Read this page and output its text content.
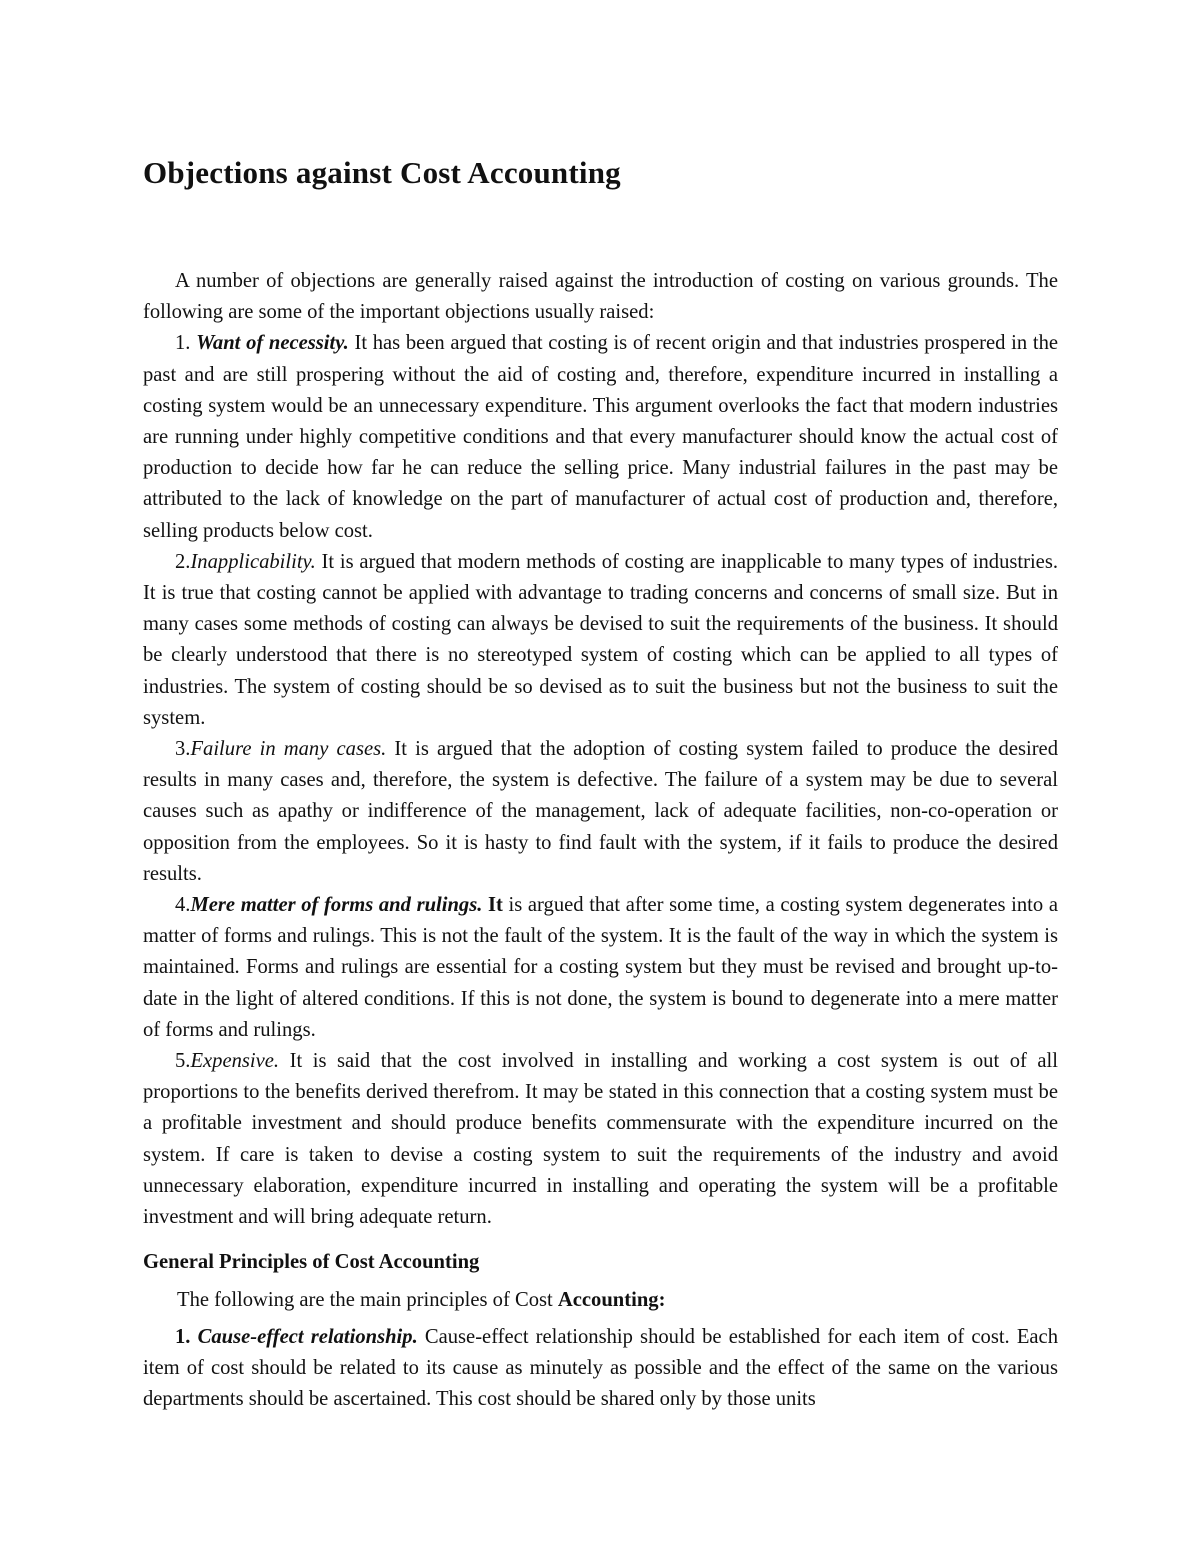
Objections against Cost Accounting

A number of objections are generally raised against the introduction of costing on various grounds. The following are some of the important objections usually raised:

1. Want of necessity. It has been argued that costing is of recent origin and that industries prospered in the past and are still prospering without the aid of costing and, therefore, expenditure incurred in installing a costing system would be an unnecessary expenditure. This argument overlooks the fact that modern industries are running under highly competitive conditions and that every manufacturer should know the actual cost of production to decide how far he can reduce the selling price. Many industrial failures in the past may be attributed to the lack of knowledge on the part of manufacturer of actual cost of production and, therefore, selling products below cost.

2.Inapplicability. It is argued that modern methods of costing are inapplicable to many types of industries. It is true that costing cannot be applied with advantage to trading concerns and concerns of small size. But in many cases some methods of costing can always be devised to suit the requirements of the business. It should be clearly understood that there is no stereotyped system of costing which can be applied to all types of industries. The system of costing should be so devised as to suit the business but not the business to suit the system.

3.Failure in many cases. It is argued that the adoption of costing system failed to produce the desired results in many cases and, therefore, the system is defective. The failure of a system may be due to several causes such as apathy or indifference of the management, lack of adequate facilities, non-co-operation or opposition from the employees. So it is hasty to find fault with the system, if it fails to produce the desired results.

4.Mere matter of forms and rulings. It is argued that after some time, a costing system degenerates into a matter of forms and rulings. This is not the fault of the system. It is the fault of the way in which the system is maintained. Forms and rulings are essential for a costing system but they must be revised and brought up-to-date in the light of altered conditions. If this is not done, the system is bound to degenerate into a mere matter of forms and rulings.

5.Expensive. It is said that the cost involved in installing and working a cost system is out of all proportions to the benefits derived therefrom. It may be stated in this connection that a costing system must be a profitable investment and should produce benefits commensurate with the expenditure incurred on the system. If care is taken to devise a costing system to suit the requirements of the industry and avoid unnecessary elaboration, expenditure incurred in installing and operating the system will be a profitable investment and will bring adequate return.

General Principles of Cost Accounting

The following are the main principles of Cost Accounting:

1. Cause-effect relationship. Cause-effect relationship should be established for each item of cost. Each item of cost should be related to its cause as minutely as possible and the effect of the same on the various departments should be ascertained. This cost should be shared only by those units
